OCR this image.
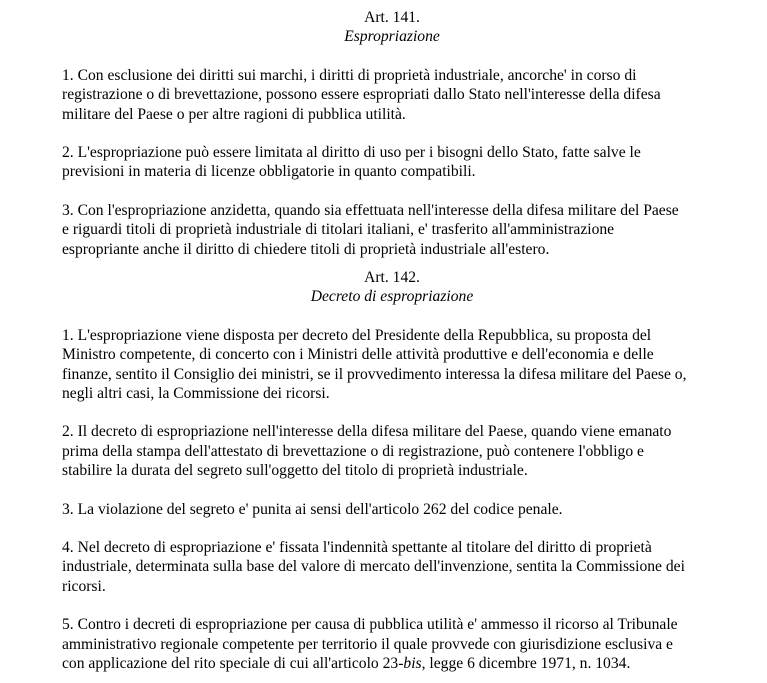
Art. 141.
Espropriazione
1. Con esclusione dei diritti sui marchi, i diritti di proprietà industriale, ancorche' in corso di
registrazione o di brevettazione, possono essere espropriati dallo Stato nell'interesse della difesa
militare del Paese o per altre ragioni di pubblica utilità.
2. L'espropriazione può essere limitata al diritto di uso per i bisogni dello Stato, fatte salve le
previsioni in materia di licenze obbligatorie in quanto compatibili.
3. Con l'espropriazione anzidetta, quando sia effettuata nell'interesse della difesa militare del Paese
e riguardi titoli di proprietà industriale di titolari italiani, e' trasferito all'amministrazione
espropriante anche il diritto di chiedere titoli di proprietà industriale all'estero.
Art. 142.
Decreto di espropriazione
1. L'espropriazione viene disposta per decreto del Presidente della Repubblica, su proposta del
Ministro competente, di concerto con i Ministri delle attività produttive e dell'economia e delle
finanze, sentito il Consiglio dei ministri, se il provvedimento interessa la difesa militare del Paese o,
negli altri casi, la Commissione dei ricorsi.
2. Il decreto di espropriazione nell'interesse della difesa militare del Paese, quando viene emanato
prima della stampa dell'attestato di brevettazione o di registrazione, può contenere l'obbligo e
stabilire la durata del segreto sull'oggetto del titolo di proprietà industriale.
3. La violazione del segreto e' punita ai sensi dell'articolo 262 del codice penale.
4. Nel decreto di espropriazione e' fissata l'indennità spettante al titolare del diritto di proprietà
industriale, determinata sulla base del valore di mercato dell'invenzione, sentita la Commissione dei
ricorsi.
5. Contro i decreti di espropriazione per causa di pubblica utilità e' ammesso il ricorso al Tribunale
amministrativo regionale competente per territorio il quale provvede con giurisdizione esclusiva e
con applicazione del rito speciale di cui all'articolo 23-bis, legge 6 dicembre 1971, n. 1034.
